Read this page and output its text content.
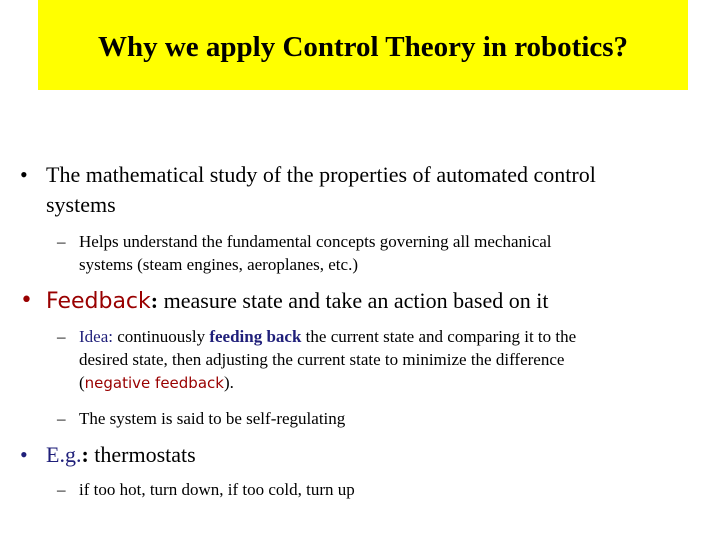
Why we apply Control Theory in robotics?
• The mathematical study of the properties of automated control
systems
– Helps understand the fundamental concepts governing all mechanical
systems (steam engines, aeroplanes, etc.)
• Feedback: measure state and take an action based on it
– Idea: continuously feeding back the current state and comparing it to the
desired state, then adjusting the current state to minimize the difference
(negative feedback).
– The system is said to be self-regulating
• E.g.: thermostats
– if too hot, turn down, if too cold, turn up
